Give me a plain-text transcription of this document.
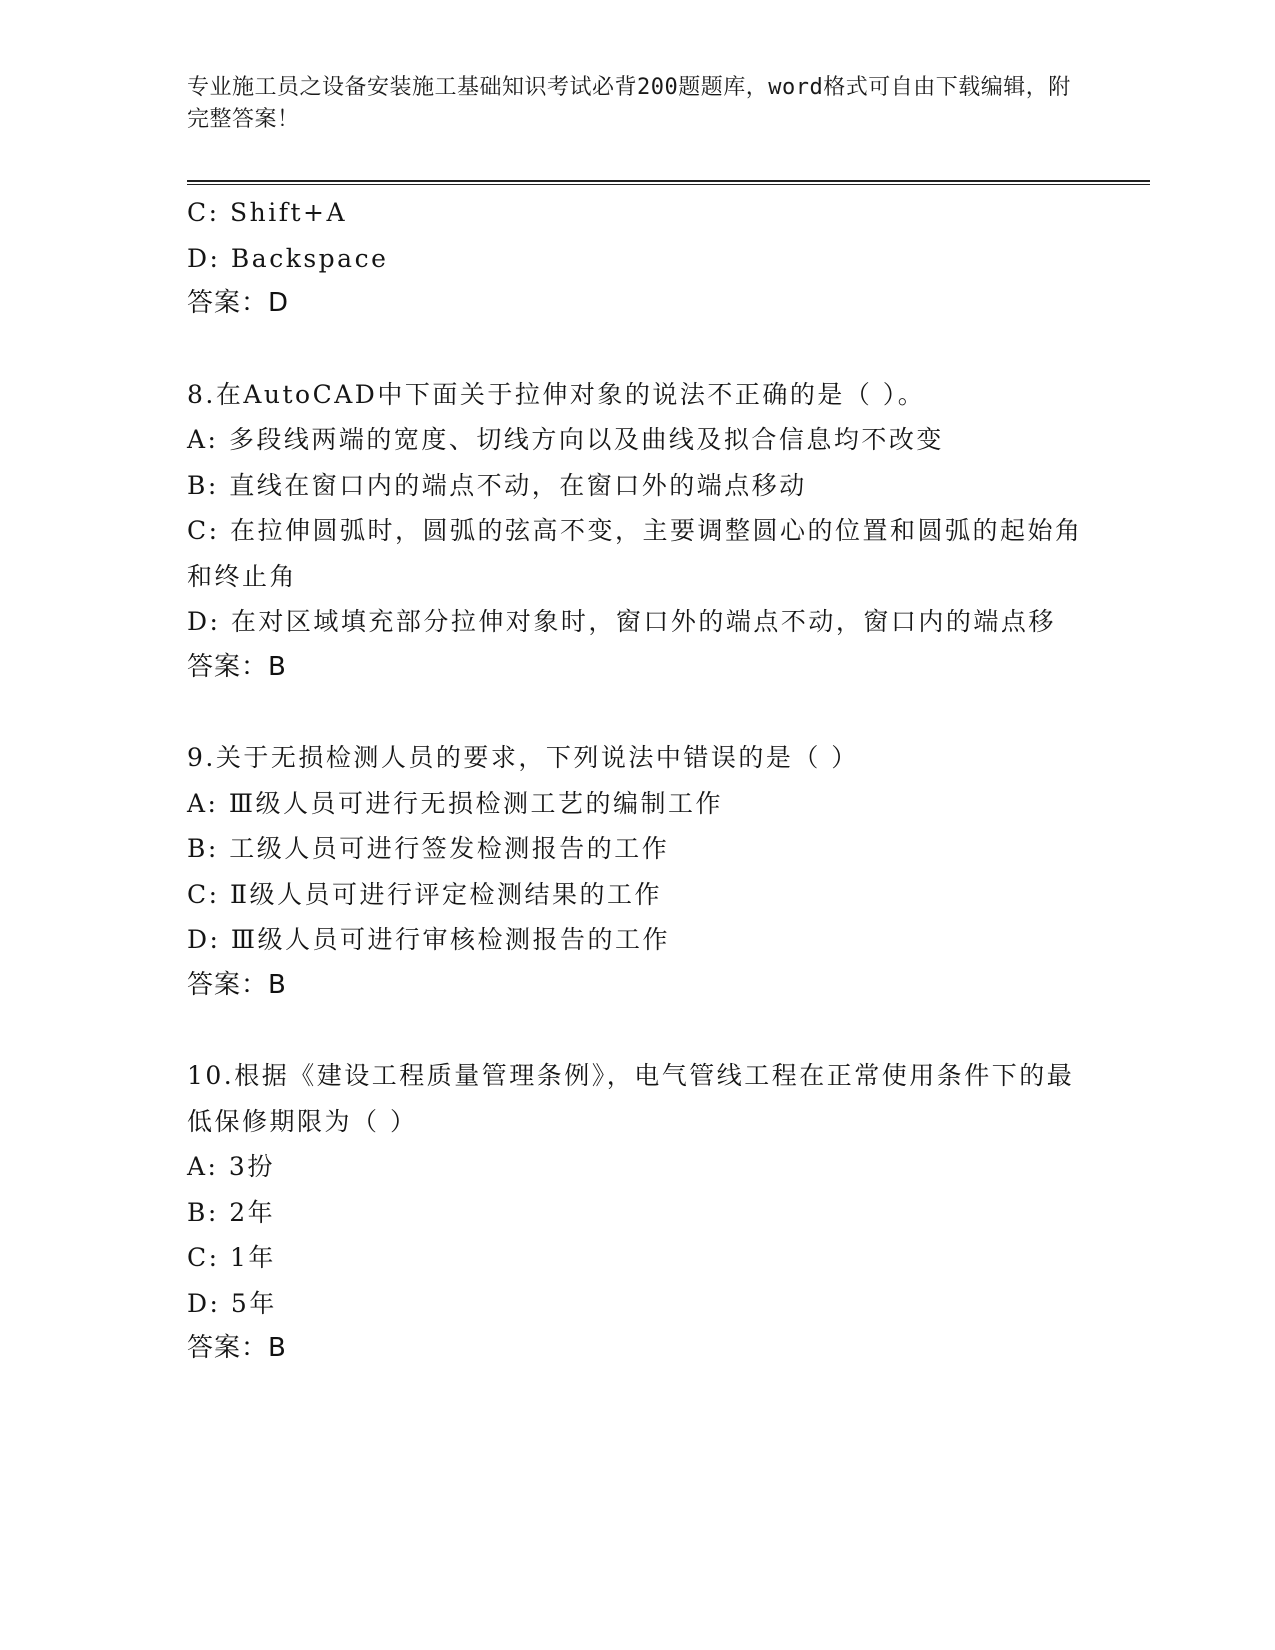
专业施工员之设备安装施工基础知识考试必背200题题库，word格式可自由下载编辑，附完整答案！
C: Shift+A
D: Backspace
答案：D
8.在AutoCAD中下面关于拉伸对象的说法不正确的是（ ）。
A: 多段线两端的宽度、切线方向以及曲线及拟合信息均不改变
B: 直线在窗口内的端点不动，在窗口外的端点移动
C: 在拉伸圆弧时，圆弧的弦高不变，主要调整圆心的位置和圆弧的起始角和终止角
D: 在对区域填充部分拉伸对象时，窗口外的端点不动，窗口内的端点移
答案：B
9.关于无损检测人员的要求，下列说法中错误的是（ ）
A: Ⅲ级人员可进行无损检测工艺的编制工作
B: 工级人员可进行签发检测报告的工作
C: Ⅱ级人员可进行评定检测结果的工作
D: Ⅲ级人员可进行审核检测报告的工作
答案：B
10.根据《建设工程质量管理条例》，电气管线工程在正常使用条件下的最低保修期限为（ ）
A: 3扮
B: 2年
C: 1年
D: 5年
答案：B
